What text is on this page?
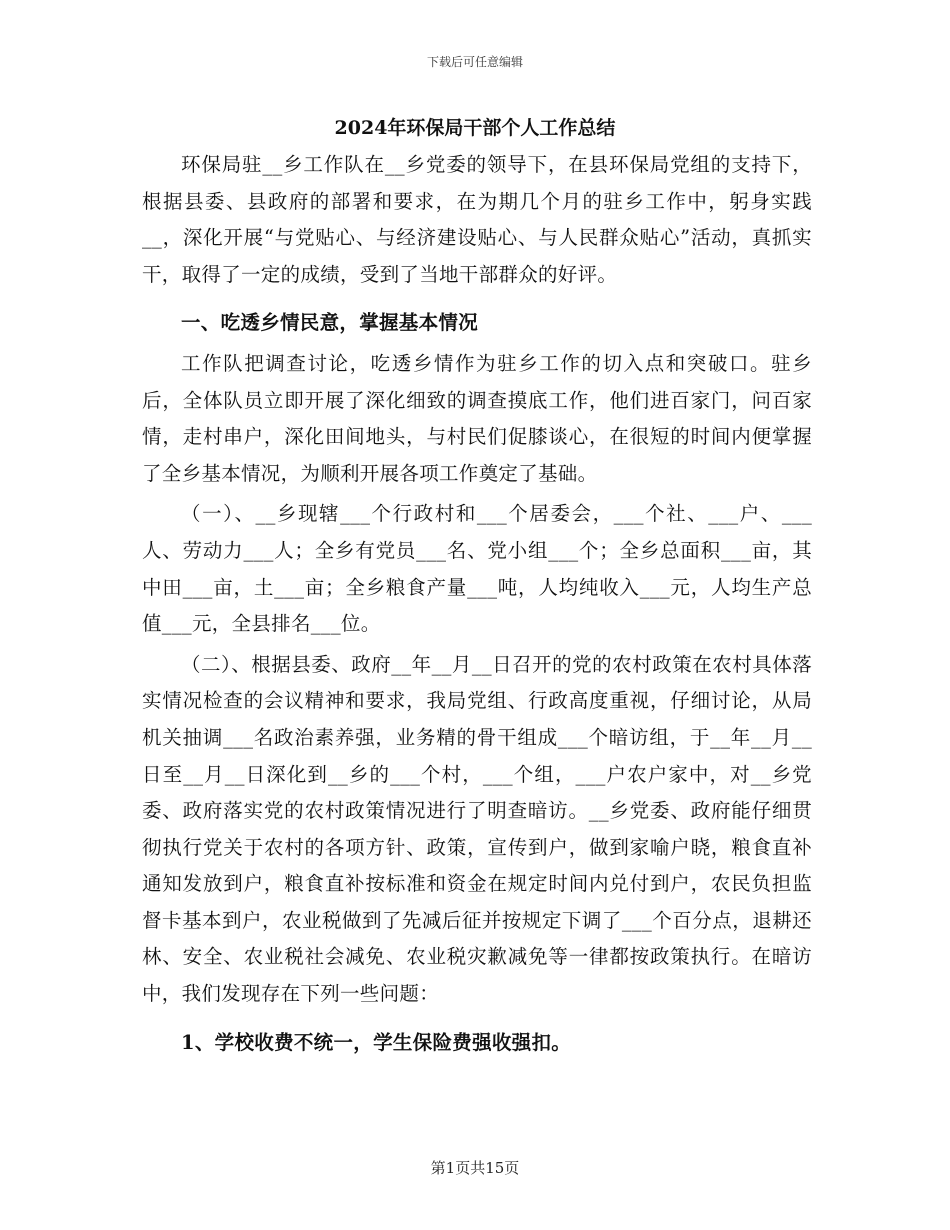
下载后可任意编辑
2024年环保局干部个人工作总结

环保局驻__乡工作队在__乡党委的领导下，在县环保局党组的支持下，根据县委、县政府的部署和要求，在为期几个月的驻乡工作中，躬身实践__，深化开展“与党贴心、与经济建设贴心、与人民群众贴心”活动，真抓实干，取得了一定的成绩，受到了当地干部群众的好评。

一、吃透乡情民意，掌握基本情况

工作队把调查讨论，吃透乡情作为驻乡工作的切入点和突破口。驻乡后，全体队员立即开展了深化细致的调查摸底工作，他们进百家门，问百家情，走村串户，深化田间地头，与村民们促膝谈心，在很短的时间内便掌握了全乡基本情况，为顺利开展各项工作奠定了基础。

（一）、__乡现辖___个行政村和___个居委会，___个社、___户、___人、劳动力___人；全乡有党员___名、党小组___个；全乡总面积___亩，其中田___亩，土___亩；全乡粮食产量___吨，人均纯收入___元，人均生产总值___元，全县排名___位。

（二）、根据县委、政府__年__月__日召开的党的农村政策在农村具体落实情况检查的会议精神和要求，我局党组、行政高度重视，仔细讨论，从局机关抽调___名政治素养强，业务精的骨干组成___个暗访组，于__年__月__日至__月__日深化到__乡的___个村，___个组，___户农户家中，对__乡党委、政府落实党的农村政策情况进行了明查暗访。__乡党委、政府能仔细贯彻执行党关于农村的各项方针、政策，宣传到户，做到家喻户晓，粮食直补通知发放到户，粮食直补按标准和资金在规定时间内兑付到户，农民负担监督卡基本到户，农业税做到了先减后征并按规定下调了___个百分点，退耕还林、安全、农业税社会减免、农业税灾歉减免等一律都按政策执行。在暗访中，我们发现存在下列一些问题：

1、学校收费不统一，学生保险费强收强扣。

第1页共15页
